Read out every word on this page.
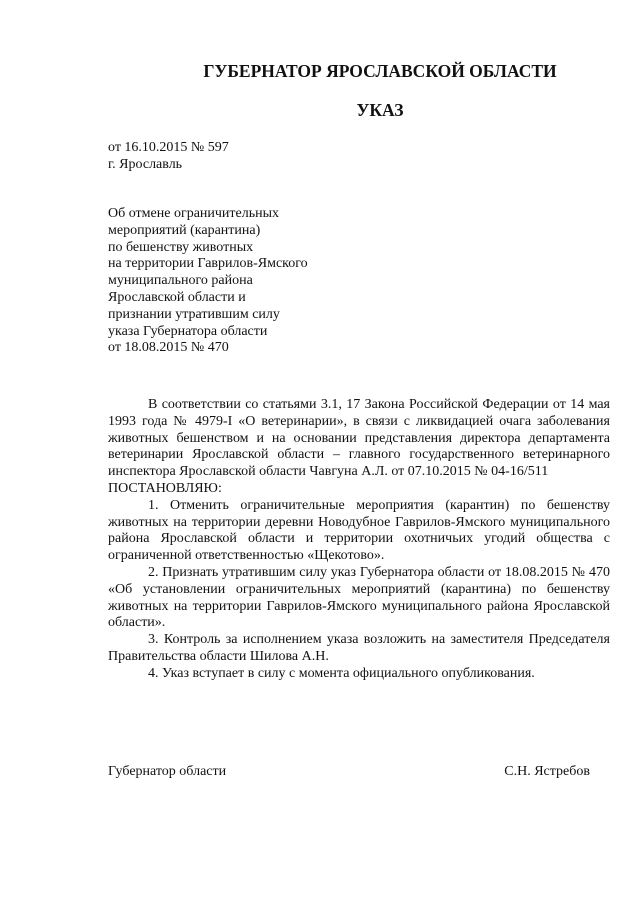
ГУБЕРНАТОР ЯРОСЛАВСКОЙ ОБЛАСТИ
УКАЗ
от 16.10.2015 № 597
г. Ярославль
Об отмене ограничительных
мероприятий (карантина)
по бешенству животных
на территории Гаврилов-Ямского
муниципального района
Ярославской области и
признании утратившим силу
указа Губернатора области
от 18.08.2015 № 470

В соответствии со статьями 3.1, 17 Закона Российской Федерации от 14 мая 1993 года № 4979-I «О ветеринарии», в связи с ликвидацией очага заболевания животных бешенством и на основании представления директора департамента ветеринарии Ярославской области – главного государственного ветеринарного инспектора Ярославской области Чавгуна А.Л. от 07.10.2015 № 04-16/511

ПОСТАНОВЛЯЮ:

1. Отменить ограничительные мероприятия (карантин) по бешенству животных на территории деревни Новодубное Гаврилов-Ямского муниципального района Ярославской области и территории охотничьих угодий общества с ограниченной ответственностью «Щекотово».

2. Признать утратившим силу указ Губернатора области от 18.08.2015 № 470 «Об установлении ограничительных мероприятий (карантина) по бешенству животных на территории Гаврилов-Ямского муниципального района Ярославской области».

3. Контроль за исполнением указа возложить на заместителя Председателя Правительства области Шилова А.Н.

4. Указ вступает в силу с момента официального опубликования.

Губернатор области	С.Н. Ястребов
